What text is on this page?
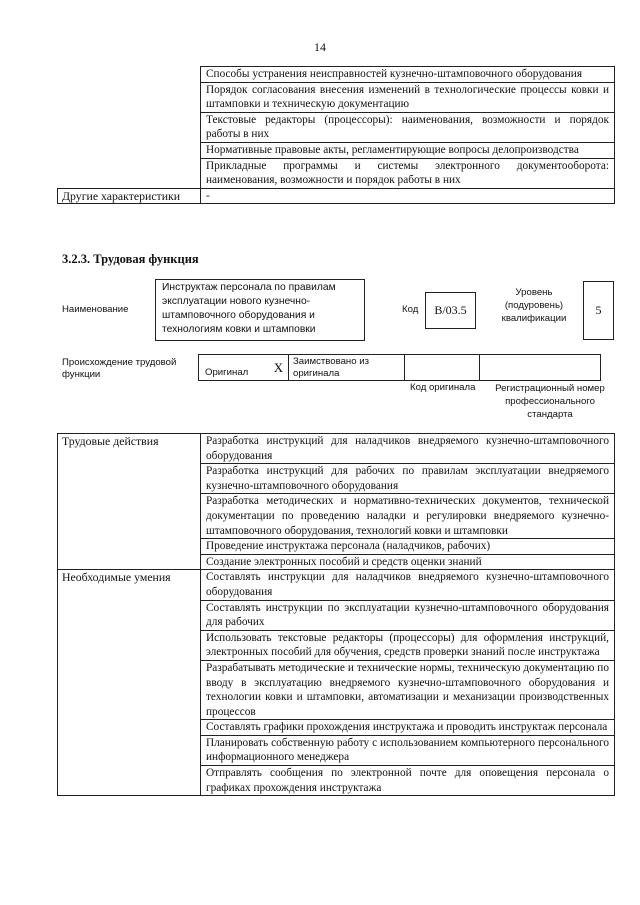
14
	Способы устранения неисправностей кузнечно-штамповочного оборудования
	Порядок согласования внесения изменений в технологические процессы ковки и штамповки и техническую документацию
	Текстовые редакторы (процессоры): наименования, возможности и порядок работы в них
	Нормативные правовые акты, регламентирующие вопросы делопроизводства
	Прикладные программы и системы электронного документооборота: наименования, возможности и порядок работы в них
Другие характеристики	-
3.2.3. Трудовая функция
Наименование
Инструктаж персонала по правилам эксплуатации нового кузнечно-штамповочного оборудования и технологиям ковки и штамповки
Код В/03.5
Уровень (подуровень) квалификации
5
Происхождение трудовой функции	Оригинал	X	Заимствовано из оригинала
Код оригинала	Регистрационный номер профессионального стандарта
Трудовые действия	Разработка инструкций для наладчиков внедряемого кузнечно-штамповочного оборудования
	Разработка инструкций для рабочих по правилам эксплуатации внедряемого кузнечно-штамповочного оборудования
	Разработка методических и нормативно-технических документов, технической документации по проведению наладки и регулировки внедряемого кузнечно-штамповочного оборудования, технологий ковки и штамповки
	Проведение инструктажа персонала (наладчиков, рабочих)
	Создание электронных пособий и средств оценки знаний
Необходимые умения	Составлять инструкции для наладчиков внедряемого кузнечно-штамповочного оборудования
	Составлять инструкции по эксплуатации кузнечно-штамповочного оборудования для рабочих
	Использовать текстовые редакторы (процессоры) для оформления инструкций, электронных пособий для обучения, средств проверки знаний после инструктажа
	Разрабатывать методические и технические нормы, техническую документацию по вводу в эксплуатацию внедряемого кузнечно-штамповочного оборудования и технологии ковки и штамповки, автоматизации и механизации производственных процессов
	Составлять графики прохождения инструктажа и проводить инструктаж персонала
	Планировать собственную работу с использованием компьютерного персонального информационного менеджера
	Отправлять сообщения по электронной почте для оповещения персонала о графиках прохождения инструктажа
